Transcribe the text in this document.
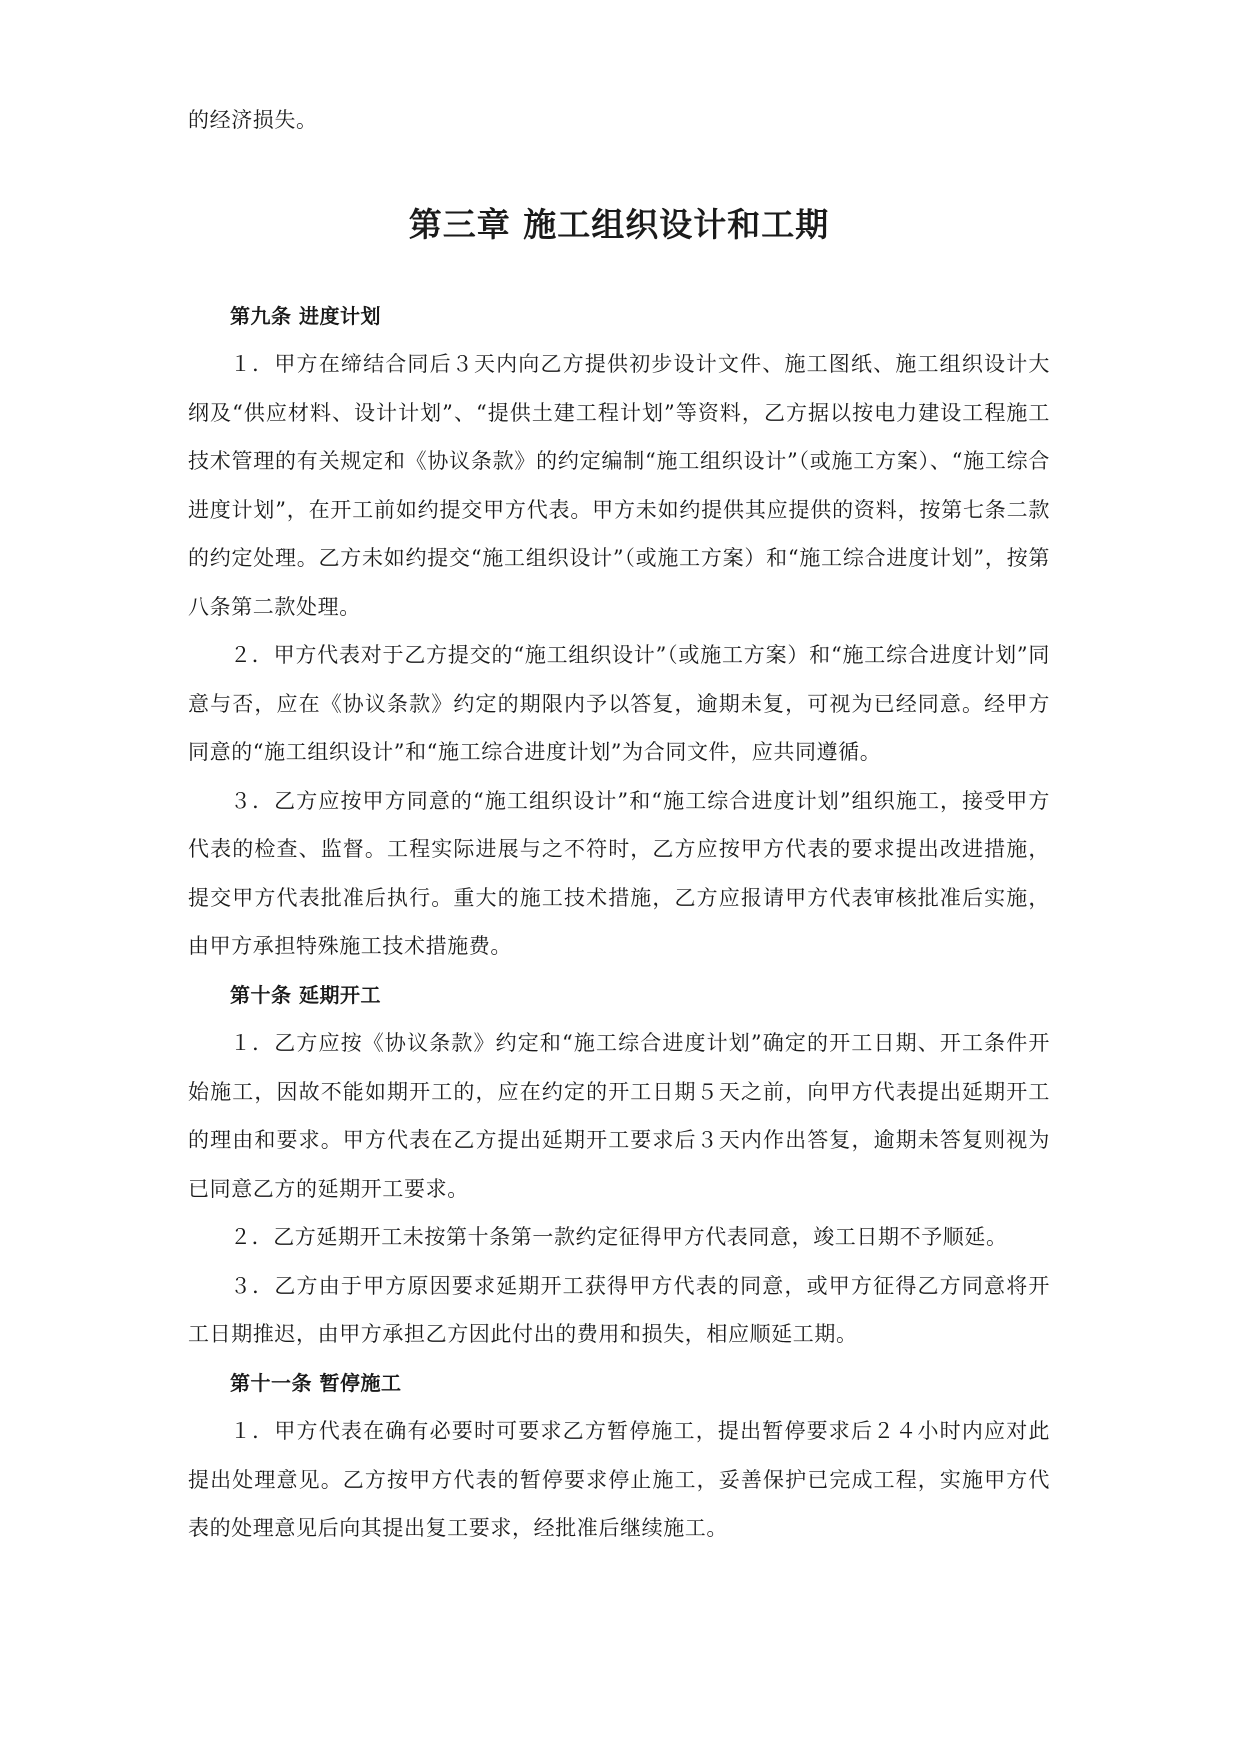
的经济损失。

第三章 施工组织设计和工期

第九条 进度计划

１．甲方在缔结合同后３天内向乙方提供初步设计文件、施工图纸、施工组织设计大纲及“供应材料、设计计划”、“提供土建工程计划”等资料，乙方据以按电力建设工程施工技术管理的有关规定和《协议条款》的约定编制“施工组织设计”（或施工方案）、“施工综合进度计划”，在开工前如约提交甲方代表。甲方未如约提供其应提供的资料，按第七条二款的约定处理。乙方未如约提交“施工组织设计”（或施工方案）和“施工综合进度计划”，按第八条第二款处理。

２．甲方代表对于乙方提交的“施工组织设计”（或施工方案）和“施工综合进度计划”同意与否，应在《协议条款》约定的期限内予以答复，逾期未复，可视为已经同意。经甲方同意的“施工组织设计”和“施工综合进度计划”为合同文件，应共同遵循。

３．乙方应按甲方同意的“施工组织设计”和“施工综合进度计划”组织施工，接受甲方代表的检查、监督。工程实际进展与之不符时，乙方应按甲方代表的要求提出改进措施，提交甲方代表批准后执行。重大的施工技术措施，乙方应报请甲方代表审核批准后实施，由甲方承担特殊施工技术措施费。

第十条 延期开工

１．乙方应按《协议条款》约定和“施工综合进度计划”确定的开工日期、开工条件开始施工，因故不能如期开工的，应在约定的开工日期５天之前，向甲方代表提出延期开工的理由和要求。甲方代表在乙方提出延期开工要求后３天内作出答复，逾期未答复则视为已同意乙方的延期开工要求。

２．乙方延期开工未按第十条第一款约定征得甲方代表同意，竣工日期不予顺延。

３．乙方由于甲方原因要求延期开工获得甲方代表的同意，或甲方征得乙方同意将开工日期推迟，由甲方承担乙方因此付出的费用和损失，相应顺延工期。

第十一条 暂停施工

１．甲方代表在确有必要时可要求乙方暂停施工，提出暂停要求后２４小时内应对此提出处理意见。乙方按甲方代表的暂停要求停止施工，妥善保护已完成工程，实施甲方代表的处理意见后向其提出复工要求，经批准后继续施工。
